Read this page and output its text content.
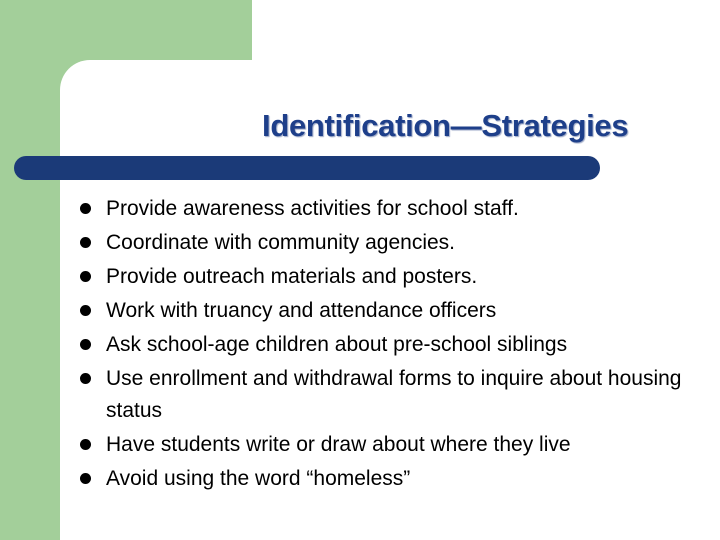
Identification—Strategies
Provide awareness activities for school staff.
Coordinate with community agencies.
Provide outreach materials and posters.
Work with truancy and attendance officers
Ask school-age children about pre-school siblings
Use enrollment and withdrawal forms to inquire about housing status
Have students write or draw about where they live
Avoid using the word “homeless”
